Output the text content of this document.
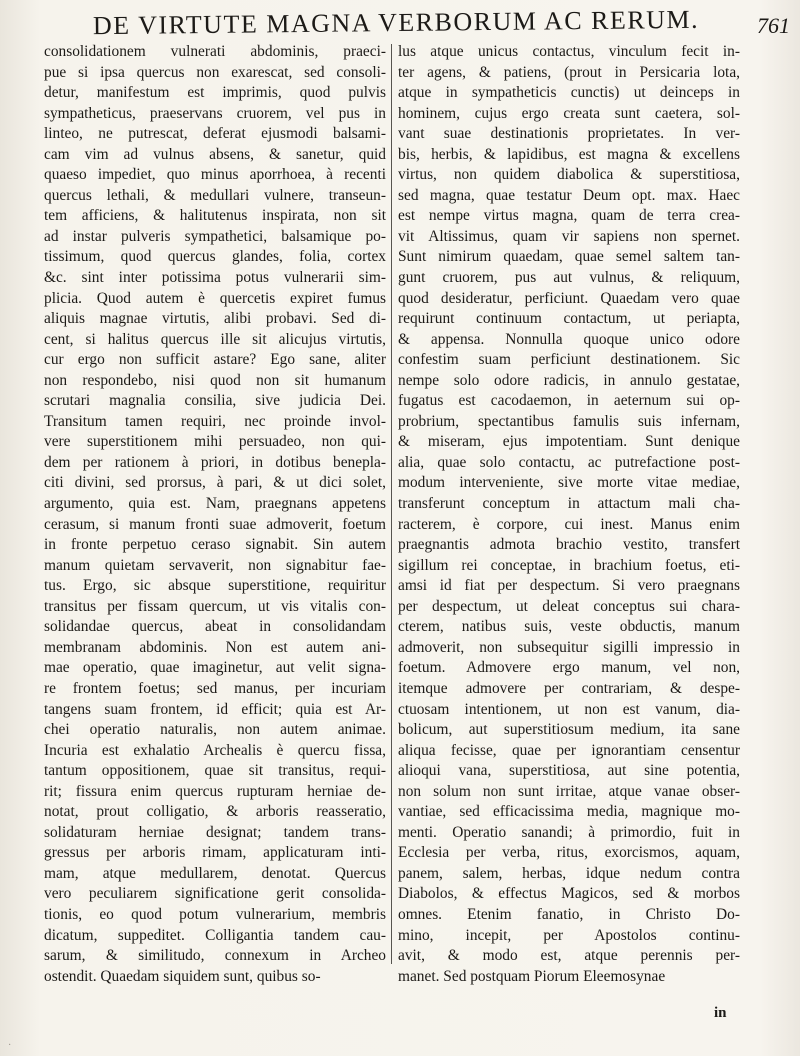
DE VIRTUTE MAGNA VERBORUM AC RERUM.	761
consolidationem vulnerati abdominis, praeci-
pue si ipsa quercus non exarescat, sed consoli-
detur, manifestum est imprimis, quod pulvis
sympatheticus, praeservans cruorem, vel pus in
linteo, ne putrescat, deferat ejusmodi balsami-
cam vim ad vulnus absens, & sanetur, quid
quaeso impediet, quo minus aporrhoea, à recenti
quercus lethali, & medullari vulnere, transeun-
tem afficiens, & halitutenus inspirata, non sit
ad instar pulveris sympathetici, balsamique po-
tissimum, quod quercus glandes, folia, cortex
&c. sint inter potissima potus vulnerarii sim-
plicia. Quod autem è quercetis expiret fumus
aliquis magnae virtutis, alibi probavi. Sed di-
cent, si halitus quercus ille sit alicujus virtutis,
cur ergo non sufficit astare? Ego sane, aliter
non respondebo, nisi quod non sit humanum
scrutari magnalia consilia, sive judicia Dei.
Transitum tamen requiri, nec proinde invol-
vere superstitionem mihi persuadeo, non qui-
dem per rationem à priori, in dotibus benepla-
citi divini, sed prorsus, à pari, & ut dici solet,
argumento, quia est. Nam, praegnans appetens
cerasum, si manum fronti suae admoverit, foetum
in fronte perpetuo ceraso signabit. Sin autem
manum quietam servaverit, non signabitur fae-
tus. Ergo, sic absque superstitione, requiritur
transitus per fissam quercum, ut vis vitalis con-
solidandae quercus, abeat in consolidandam
membranam abdominis. Non est autem ani-
mae operatio, quae imaginetur, aut velit signa-
re frontem foetus; sed manus, per incuriam
tangens suam frontem, id efficit; quia est Ar-
chei operatio naturalis, non autem animae.
Incuria est exhalatio Archealis è quercu fissa,
tantum oppositionem, quae sit transitus, requi-
rit; fissura enim quercus rupturam herniae de-
notat, prout colligatio, & arboris reasseratio,
solidaturam herniae designat; tandem trans-
gressus per arboris rimam, applicaturam inti-
mam, atque medullarem, denotat. Quercus
vero peculiarem significatione gerit consolida-
tionis, eo quod potum vulnerarium, membris
dicatum, suppeditet. Colligantia tandem cau-
sarum, & similitudo, connexum in Archeo
ostendit. Quaedam siquidem sunt, quibus so-
lus atque unicus contactus, vinculum fecit in-
ter agens, & patiens, (prout in Persicaria lota,
atque in sympatheticis cunctis) ut deinceps in
hominem, cujus ergo creata sunt caetera, sol-
vant suae destinationis proprietates. In ver-
bis, herbis, & lapidibus, est magna & excellens
virtus, non quidem diabolica & superstitiosa,
sed magna, quae testatur Deum opt. max. Haec
est nempe virtus magna, quam de terra crea-
vit Altissimus, quam vir sapiens non spernet.
Sunt nimirum quaedam, quae semel saltem tan-
gunt cruorem, pus aut vulnus, & reliquum,
quod desideratur, perficiunt. Quaedam vero quae
requirunt continuum contactum, ut periapta,
& appensa. Nonnulla quoque unico odore
confestim suam perficiunt destinationem. Sic
nempe solo odore radicis, in annulo gestatae,
fugatus est cacodaemon, in aeternum sui op-
probrium, spectantibus famulis suis infernam,
& miseram, ejus impotentiam. Sunt denique
alia, quae solo contactu, ac putrefactione post-
modum interveniente, sive morte vitae mediae,
transferunt conceptum in attactum mali cha-
racterem, è corpore, cui inest. Manus enim
praegnantis admota brachio vestito, transfert
sigillum rei conceptae, in brachium foetus, eti-
amsi id fiat per despectum. Si vero praegnans
per despectum, ut deleat conceptus sui chara-
cterem, natibus suis, veste obductis, manum
admoverit, non subsequitur sigilli impressio in
foetum. Admovere ergo manum, vel non,
itemque admovere per contrariam, & despe-
ctuosam intentionem, ut non est vanum, dia-
bolicum, aut superstitiosum medium, ita sane
aliqua fecisse, quae per ignorantiam censentur
alioqui vana, superstitiosa, aut sine potentia,
non solum non sunt irritae, atque vanae obser-
vantiae, sed efficacissima media, magnique mo-
menti. Operatio sanandi; à primordio, fuit in
Ecclesia per verba, ritus, exorcismos, aquam,
panem, salem, herbas, idque nedum contra
Diabolos, & effectus Magicos, sed & morbos
omnes. Etenim fanatio, in Christo Do-
mino, incepit, per Apostolos continu-
avit, & modo est, atque perennis per-
manet. Sed postquam Piorum Eleemosynae
in
·
